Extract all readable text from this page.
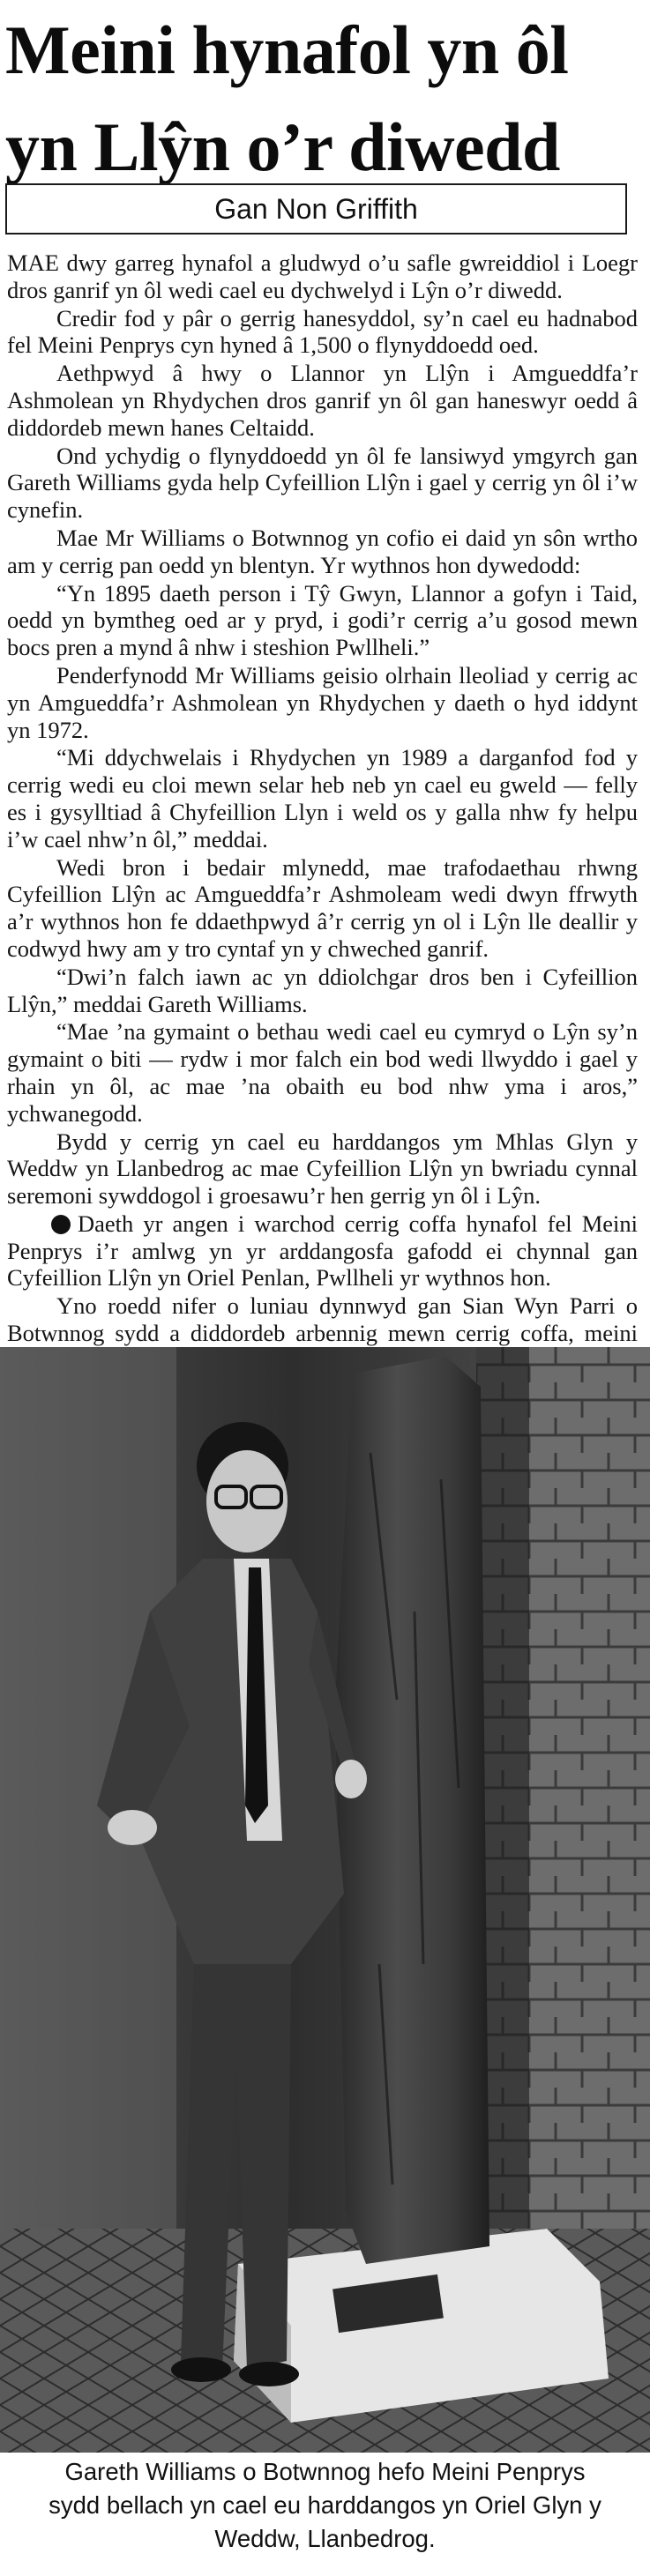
Meini hynafol yn ôl
yn Llŷn o’r diwedd
Gan Non Griffith

MAE dwy garreg hynafol a gludwyd o’u safle gwreiddiol i Loegr dros ganrif yn ôl wedi cael eu dychwelyd i Lŷn o’r diwedd.

Credir fod y pâr o gerrig hanesyddol, sy’n cael eu hadnabod fel Meini Penprys cyn hyned â 1,500 o flynyddoedd oed.

Aethpwyd â hwy o Llannor yn Llŷn i Amgueddfa’r Ashmolean yn Rhydychen dros ganrif yn ôl gan haneswyr oedd â diddordeb mewn hanes Celtaidd.

Ond ychydig o flynyddoedd yn ôl fe lansiwyd ymgyrch gan Gareth Williams gyda help Cyfeillion Llŷn i gael y cerrig yn ôl i’w cynefin.

Mae Mr Williams o Botwnnog yn cofio ei daid yn sôn wrtho am y cerrig pan oedd yn blentyn. Yr wythnos hon dywedodd:

“Yn 1895 daeth person i Tŷ Gwyn, Llannor a gofyn i Taid, oedd yn bymtheg oed ar y pryd, i godi’r cerrig a’u gosod mewn bocs pren a mynd â nhw i steshion Pwllheli.”

Penderfynodd Mr Williams geisio olrhain lleoliad y cerrig ac yn Amgueddfa’r Ashmolean yn Rhydychen y daeth o hyd iddynt yn 1972.

“Mi ddychwelais i Rhydychen yn 1989 a darganfod fod y cerrig wedi eu cloi mewn selar heb neb yn cael eu gweld — felly es i gysylltiad â Chyfeillion Llyn i weld os y galla nhw fy helpu i’w cael nhw’n ôl,” meddai.

Wedi bron i bedair mlynedd, mae trafodaethau rhwng Cyfeillion Llŷn ac Amgueddfa’r Ashmoleam wedi dwyn ffrwyth a’r wythnos hon fe ddaethpwyd â’r cerrig yn ol i Lŷn lle deallir y codwyd hwy am y tro cyntaf yn y chweched ganrif.

“Dwi’n falch iawn ac yn ddiolchgar dros ben i Cyfeillion Llŷn,” meddai Gareth Williams.

“Mae ’na gymaint o bethau wedi cael eu cymryd o Lŷn sy’n gymaint o biti — rydw i mor falch ein bod wedi llwyddo i gael y rhain yn ôl, ac mae ’na obaith eu bod nhw yma i aros,” ychwanegodd.

Bydd y cerrig yn cael eu harddangos ym Mhlas Glyn y Weddw yn Llanbedrog ac mae Cyfeillion Llŷn yn bwriadu cynnal seremoni sywddogol i groesawu’r hen gerrig yn ôl i Lŷn.

Daeth yr angen i warchod cerrig coffa hynafol fel Meini Penprys i’r amlwg yn yr arddangosfa gafodd ei chynnal gan Cyfeillion Llŷn yn Oriel Penlan, Pwllheli yr wythnos hon.

Yno roedd nifer o luniau dynnwyd gan Sian Wyn Parri o Botwnnog sydd a diddordeb arbennig mewn cerrig coffa, meini

Gareth Williams o Botwnnog hefo Meini Penprys
sydd bellach yn cael eu harddangos yn Oriel Glyn y
Weddw, Llanbedrog.
